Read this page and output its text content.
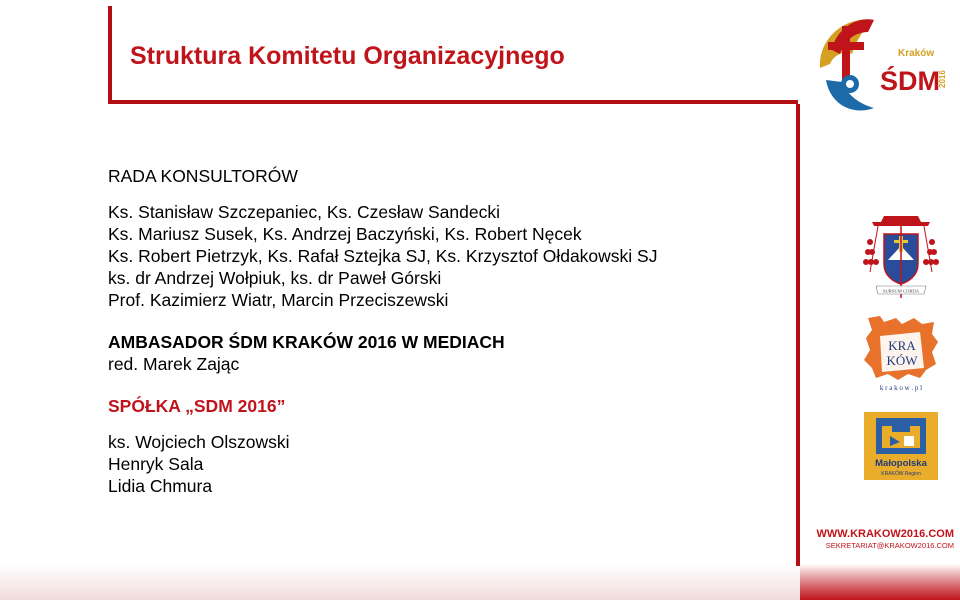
Struktura Komitetu Organizacyjnego

RADA KONSULTORÓW

Ks. Stanisław Szczepaniec, Ks. Czesław Sandecki

Ks. Mariusz Susek, Ks. Andrzej Baczyński, Ks. Robert Nęcek

Ks. Robert Pietrzyk, Ks. Rafał Sztejka SJ, Ks. Krzysztof Ołdakowski SJ

ks. dr Andrzej Wołpiuk, ks. dr Paweł Górski

Prof. Kazimierz Wiatr, Marcin Przeciszewski

AMBASADOR ŚDM KRAKÓW 2016 W MEDIACH

red. Marek Zając

SPÓŁKA „SDM 2016”

ks. Wojciech Olszowski

Henryk Sala

Lidia Chmura

Kraków
ŚDM
2016
SURSUM CORDA
KRA
KÓW
k r a k o w . p l
Małopolska
KRAKÓW Region
WWW.KRAKOW2016.COM
SEKRETARIAT@KRAKOW2016.COM
